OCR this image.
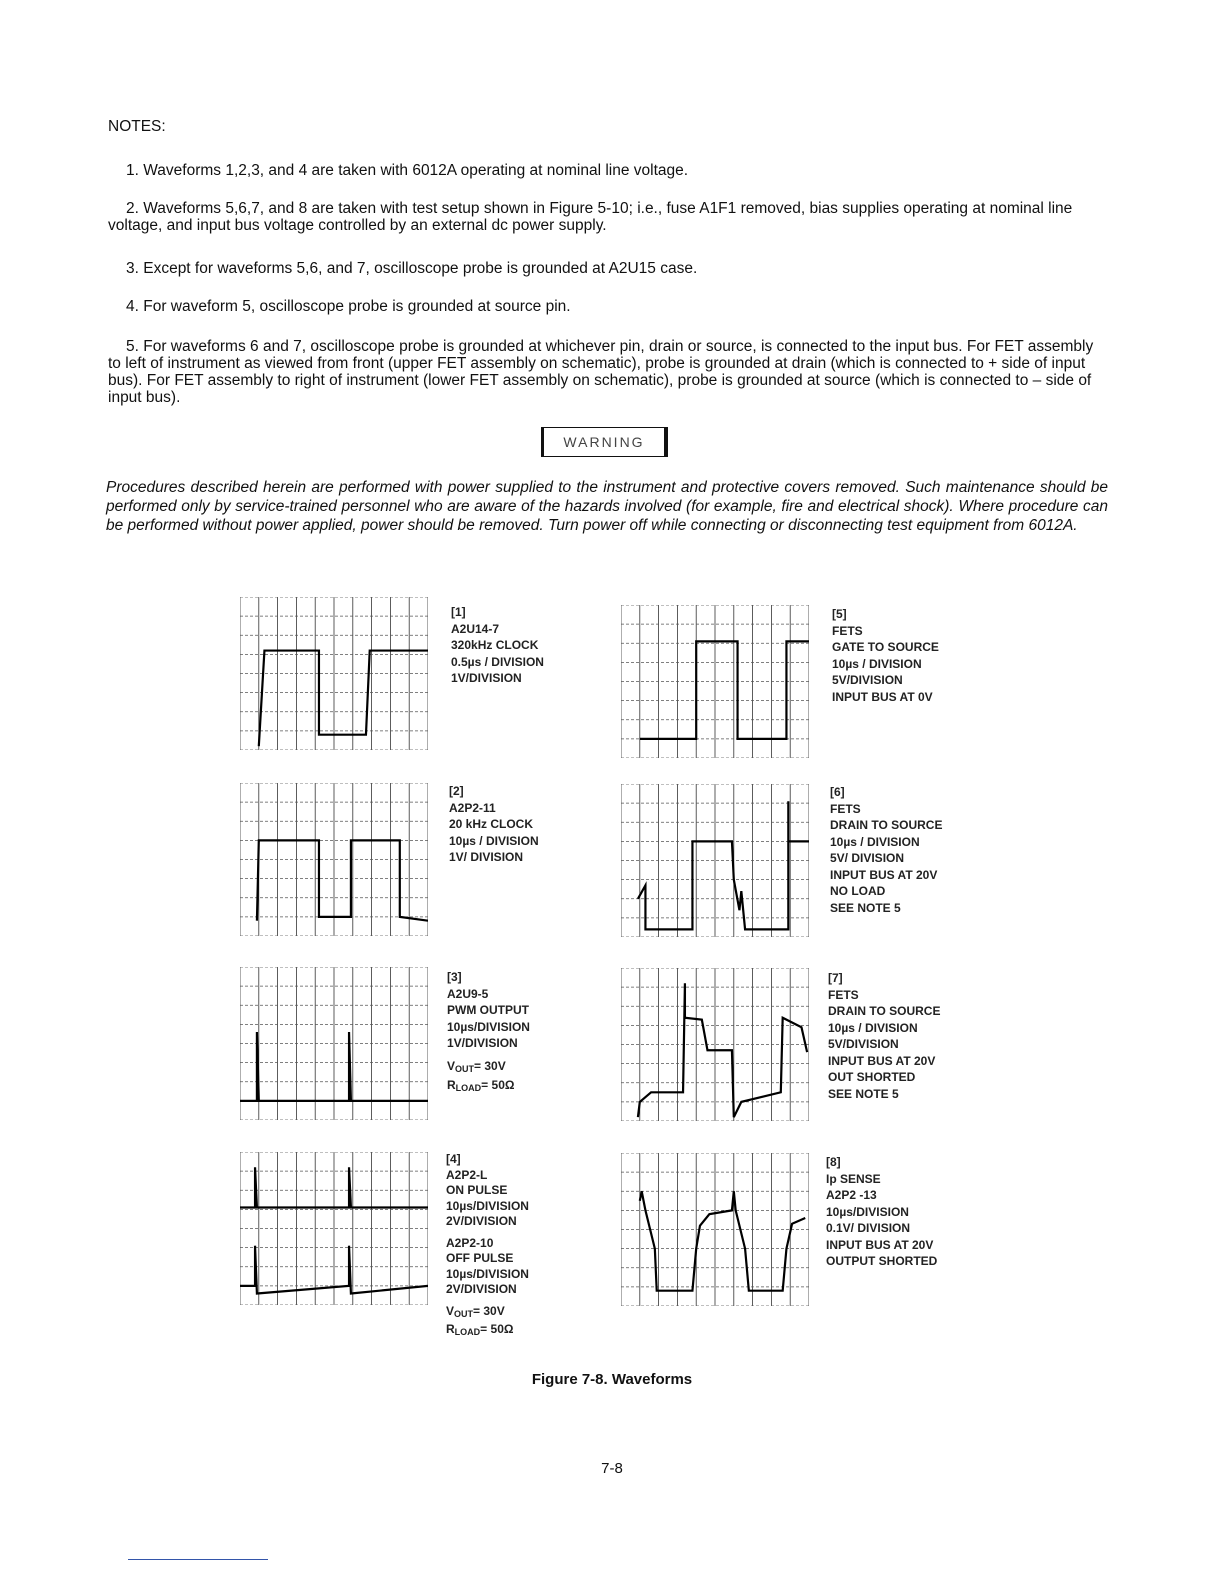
NOTES:
1. Waveforms 1,2,3, and 4 are taken with 6012A operating at nominal line voltage.
2. Waveforms 5,6,7, and 8 are taken with test setup shown in Figure 5-10; i.e., fuse A1F1 removed, bias supplies operating at nominal line voltage, and input bus voltage controlled by an external dc power supply.
3. Except for waveforms 5,6, and 7, oscilloscope probe is grounded at A2U15 case.
4. For waveform 5, oscilloscope probe is grounded at source pin.
5. For waveforms 6 and 7, oscilloscope probe is grounded at whichever pin, drain or source, is connected to the input bus. For FET assembly to left of instrument as viewed from front (upper FET assembly on schematic), probe is grounded at drain (which is connected to + side of input bus). For FET assembly to right of instrument (lower FET assembly on schematic), probe is grounded at source (which is connected to – side of input bus).
WARNING
Procedures described herein are performed with power supplied to the instrument and protective covers removed. Such maintenance should be performed only by service-trained personnel who are aware of the hazards involved (for example, fire and electrical shock). Where procedure can be performed without power applied, power should be removed. Turn power off while connecting or disconnecting test equipment from 6012A.
[1]
A2U14-7
320kHz CLOCK
0.5µs / DIVISION
1V/DIVISION
[2]
A2P2-11
20 kHz CLOCK
10µs / DIVISION
1V/ DIVISION
[3]
A2U9-5
PWM OUTPUT
10µs/DIVISION
1V/DIVISION
$V_{OUT}= 30V$
$R_{LOAD}= 50\Omega$
[4]
A2P2-L
ON PULSE
10µs/DIVISION
2V/DIVISION
A2P2-10
OFF PULSE
10µs/DIVISION
2V/DIVISION
$V_{OUT}= 30V$
$R_{LOAD}= 50\Omega$
[5]
FETS
GATE TO SOURCE
10µs / DIVISION
5V/DIVISION
INPUT BUS AT 0V
[6]
FETS
DRAIN TO SOURCE
10µs / DIVISION
5V/ DIVISION
INPUT BUS AT 20V
NO LOAD
SEE NOTE 5
[7]
FETS
DRAIN TO SOURCE
10µs / DIVISION
5V/DIVISION
INPUT BUS AT 20V
OUT SHORTED
SEE NOTE 5
[8]
Ip SENSE
A2P2 -13
10µs/DIVISION
0.1V/ DIVISION
INPUT BUS AT 20V
OUTPUT SHORTED
Figure 7-8. Waveforms
7-8
